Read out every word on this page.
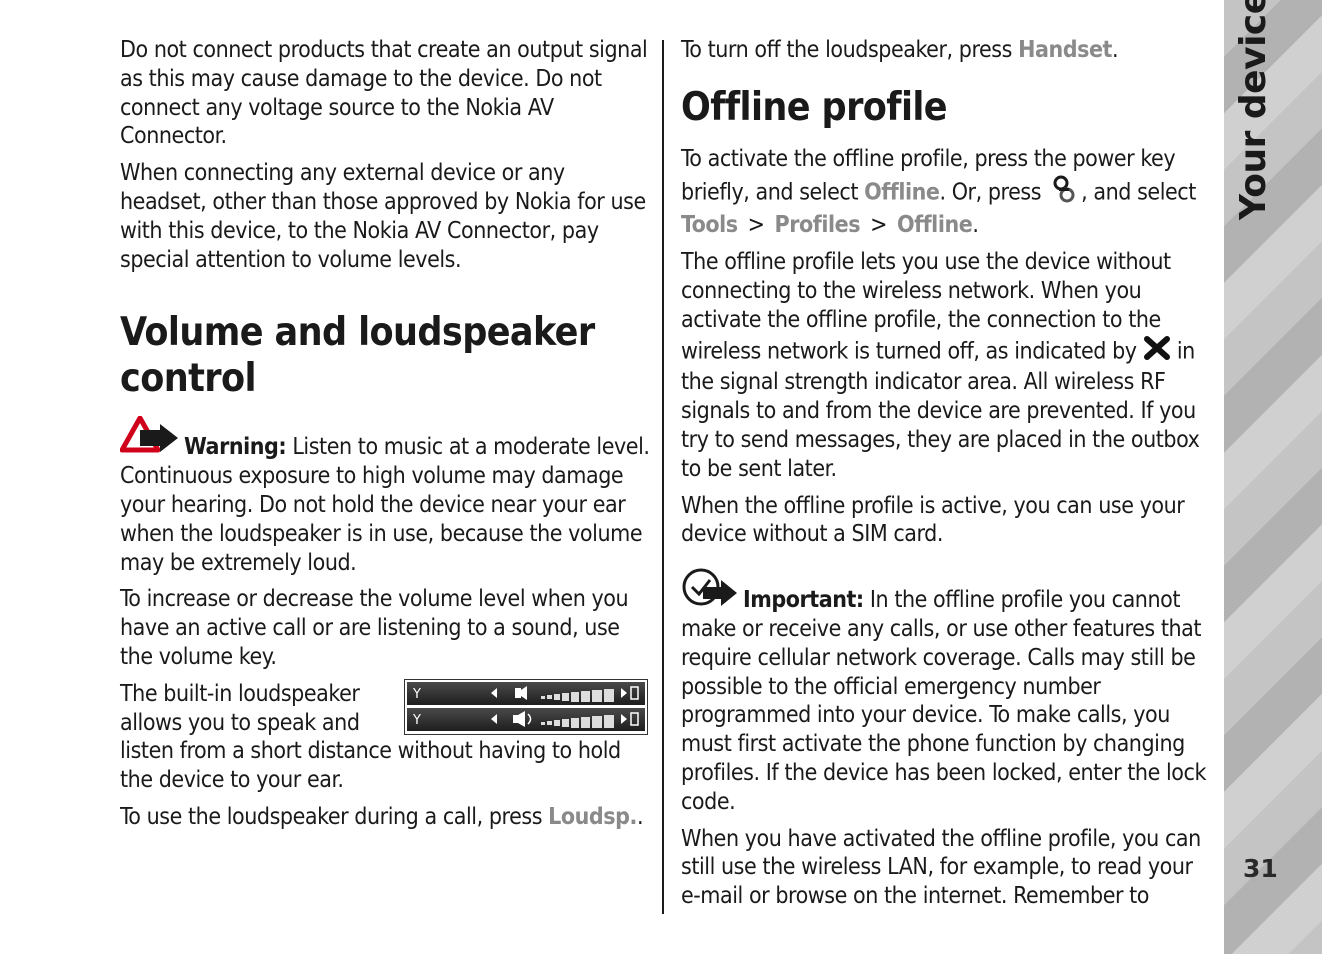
Do not connect products that create an output signal as this may cause damage to the device. Do not connect any voltage source to the Nokia AV Connector.

When connecting any external device or any headset, other than those approved by Nokia for use with this device, to the Nokia AV Connector, pay special attention to volume levels.

Volume and loudspeaker control

Warning: Listen to music at a moderate level. Continuous exposure to high volume may damage your hearing. Do not hold the device near your ear when the loudspeaker is in use, because the volume may be extremely loud.

To increase or decrease the volume level when you have an active call or are listening to a sound, use the volume key.

Y
Y
The built-in loudspeaker allows you to speak and listen from a short distance without having to hold the device to your ear.

To use the loudspeaker during a call, press Loudsp..

To turn off the loudspeaker, press Handset.

Offline profile

To activate the offline profile, press the power key briefly, and select Offline. Or, press , and select Tools > Profiles > Offline.

The offline profile lets you use the device without connecting to the wireless network. When you activate the offline profile, the connection to the wireless network is turned off, as indicated by  in the signal strength indicator area. All wireless RF signals to and from the device are prevented. If you try to send messages, they are placed in the outbox to be sent later.

When the offline profile is active, you can use your device without a SIM card.

Important: In the offline profile you cannot make or receive any calls, or use other features that require cellular network coverage. Calls may still be possible to the official emergency number programmed into your device. To make calls, you must first activate the phone function by changing profiles. If the device has been locked, enter the lock code.

When you have activated the offline profile, you can still use the wireless LAN, for example, to read your e-mail or browse on the internet. Remember to

31
